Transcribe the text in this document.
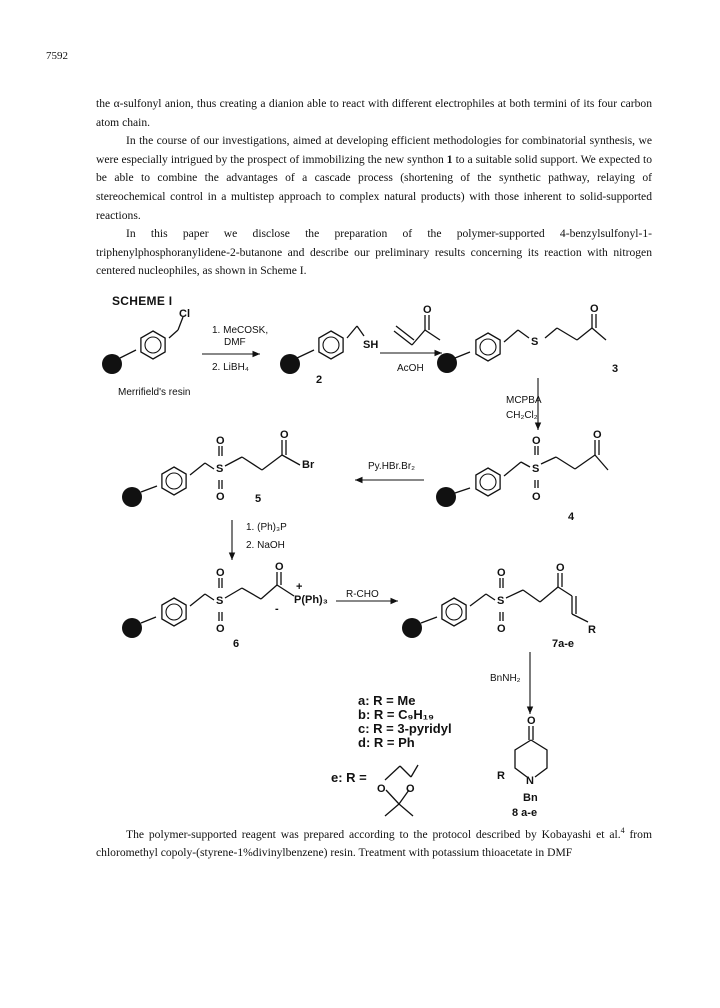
7592

the α-sulfonyl anion, thus creating a dianion able to react with different electrophiles at both termini of its four carbon atom chain.

In the course of our investigations, aimed at developing efficient methodologies for combinatorial synthesis, we were especially intrigued by the prospect of immobilizing the new synthon 1 to a suitable solid support. We expected to be able to combine the advantages of a cascade process (shortening of the synthetic pathway, relaying of stereochemical control in a multistep approach to complex natural products) with those inherent to solid-supported reactions.

In this paper we disclose the preparation of the polymer-supported 4-benzylsulfonyl-1-triphenylphosphoranylidene-2-butanone and describe our preliminary results concerning its reaction with nitrogen centered nucleophiles, as shown in Scheme I.

SCHEME I
Cl
SH
O
S
O
O
S
O
O
O
S
O
O
Br
O
S
O
O
+
P(Ph)₃
-
O
S
O
O
R
O
R N
Bn
O O
1. MeCOSK,
DMF
2. LiBH₄	AcOH
MCPBA
CH₂Cl₂
Py.HBr.Br₂
1. (Ph)₃P
2. NaOH
R-CHO
BnNH₂
Merrifield's resin
2
3
4
5
6	7a-e
8 a-e
a: R = Me
b: R = C₉H₁₉
c: R = 3-pyridyl
d: R = Ph
e: R =

The polymer-supported reagent was prepared according to the protocol described by Kobayashi et al.$^4$ from chloromethyl copoly-(styrene-1%divinylbenzene) resin. Treatment with potassium thioacetate in DMF
